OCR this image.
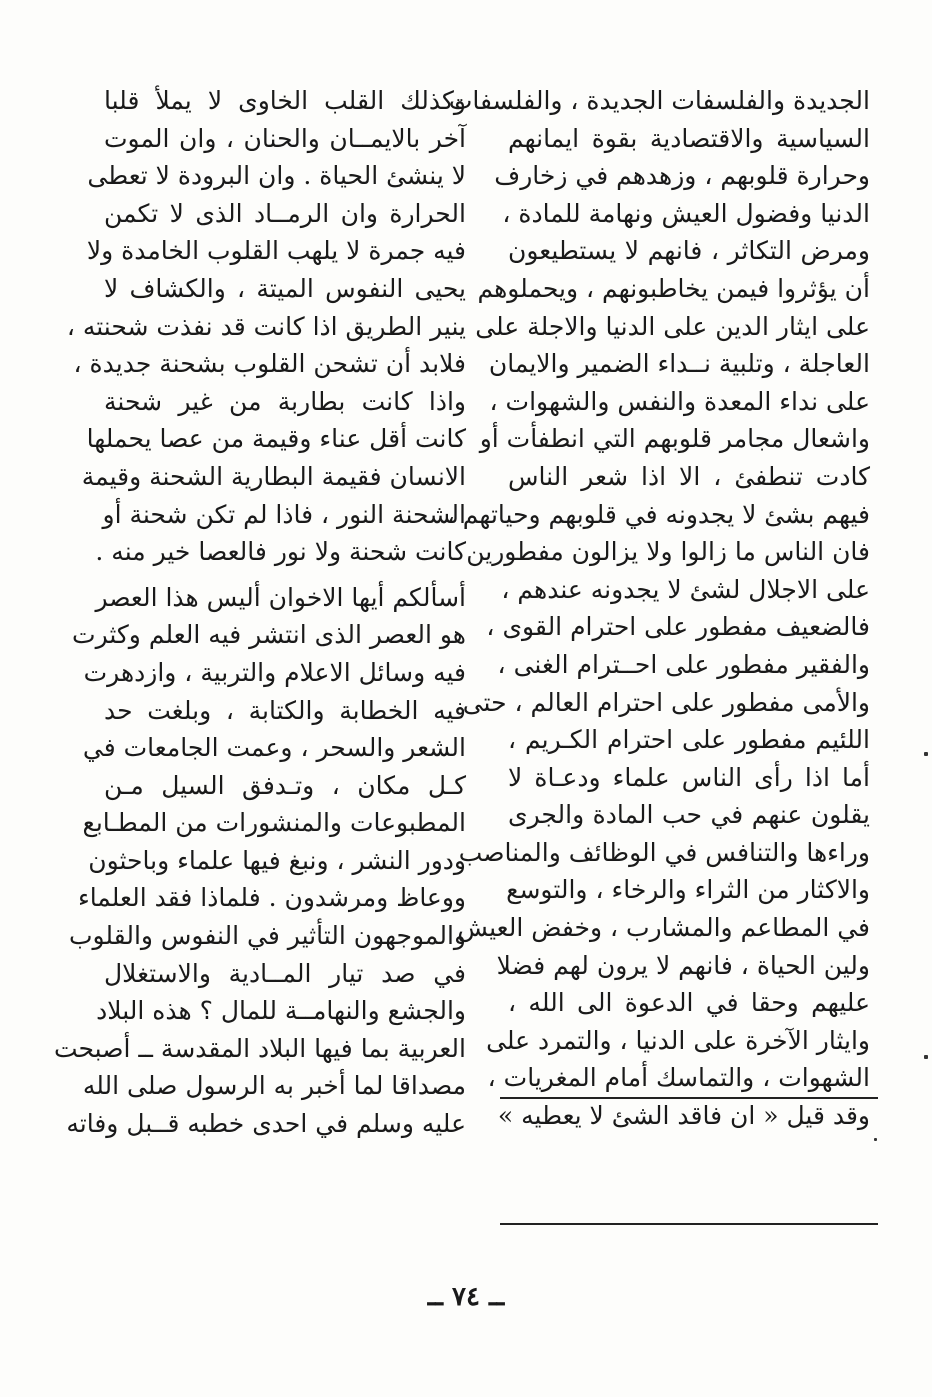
الجديدة والفلسفات الجديدة ، والفلسفات
السياسية والاقتصادية بقوة ايمانهم
وحرارة قلوبهم ، وزهدهم في زخارف
الدنيا وفضول العيش ونهامة للمادة ،
ومرض التكاثر ، فانهم لا يستطيعون
أن يؤثروا فيمن يخاطبونهم ، ويحملوهم
على ايثار الدين على الدنيا والاجلة على
العاجلة ، وتلبية نــداء الضمير والايمان
على نداء المعدة والنفس والشهوات ،
واشعال مجامر قلوبهم التي انطفأت أو
كادت تنطفئ ، الا اذا شعر الناس
فيهم بشئ لا يجدونه في قلوبهم وحياتهم ،
فان الناس ما زالوا ولا يزالون مفطورين
على الاجلال لشئ لا يجدونه عندهم ،
فالضعيف مفطور على احترام القوى ،
والفقير مفطور على احــترام الغنى ،
والأمى مفطور على احترام العالم ، حتى
اللئيم مفطور على احترام الكـريم ،
أما اذا رأى الناس علماء ودعـاة لا
يقلون عنهم في حب المادة والجرى
وراءها والتنافس في الوظائف والمناصب
والاكثار من الثراء والرخاء ، والتوسع
في المطاعم والمشارب ، وخفض العيش
ولين الحياة ، فانهم لا يرون لهم فضلا
عليهم وحقا في الدعوة الى الله ،
وايثار الآخرة على الدنيا ، والتمرد على
الشهوات ، والتماسك أمام المغريات ،
وقد قيل « ان فاقد الشئ لا يعطيه »
وكذلك القلب الخاوى لا يملأ قلبا
آخر بالايمــان والحنان ، وان الموت
لا ينشئ الحياة . وان البرودة لا تعطى
الحرارة وان الرمــاد الذى لا تكمن
فيه جمرة لا يلهب القلوب الخامدة ولا
يحيى النفوس الميتة ، والكشاف لا
ينير الطريق اذا كانت قد نفذت شحنته ،
فلابد أن تشحن القلوب بشحنة جديدة ،
واذا كانت بطاربة من غير شحنة
كانت أقل عناء وقيمة من عصا يحملها
الانسان فقيمة البطارية الشحنة وقيمة
الشحنة النور ، فاذا لم تكن شحنة أو
كانت شحنة ولا نور فالعصا خير منه .
أسألكم أيها الاخوان أليس هذا العصر
هو العصر الذى انتشر فيه العلم وكثرت
فيه وسائل الاعلام والتربية ، وازدهرت
فيه الخطابة والكتابة ، وبلغت حد
الشعر والسحر ، وعمت الجامعات في
كـل مكان ، وتـدفق السيل مـن
المطبوعات والمنشورات من المطـابع
ودور النشر ، ونبغ فيها علماء وباحثون
ووعاظ ومرشدون . فلماذا فقد العلماء
والموجهون التأثير في النفوس والقلوب
في صد تيار المــادية والاستغلال
والجشع والنهامــة للمال ؟ هذه البلاد
العربية بما فيها البلاد المقدسة ــ أصبحت
مصداقا لما أخبر به الرسول صلى الله
عليه وسلم في احدى خطبه قــبل وفاته
ــ ٧٤ ــ
